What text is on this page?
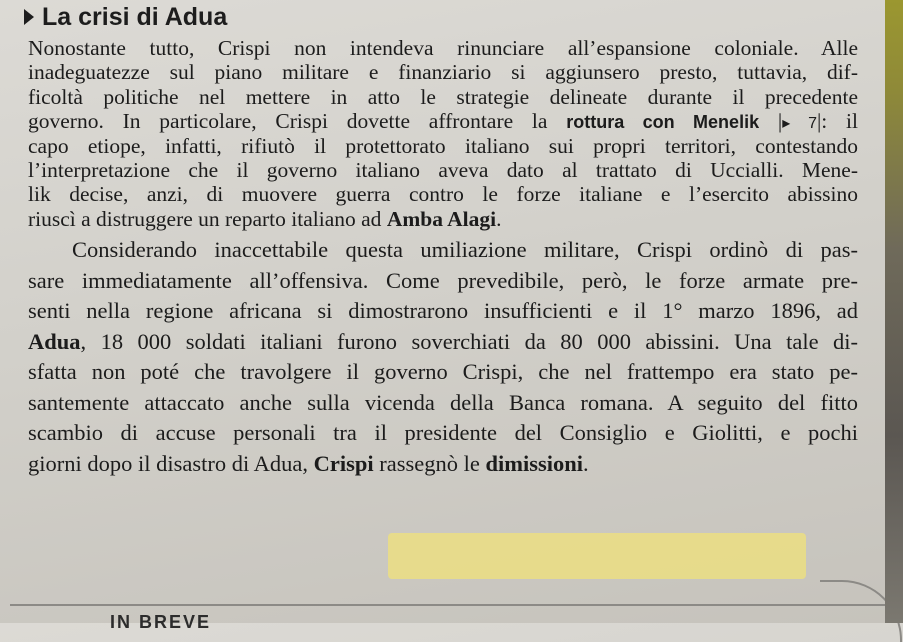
La crisi di Adua
Nonostante tutto, Crispi non intendeva rinunciare all’espansione coloniale. Alle
inadeguatezze sul piano militare e finanziario si aggiunsero presto, tuttavia, dif-
ficoltà politiche nel mettere in atto le strategie delineate durante il precedente
governo. In particolare, Crispi dovette affrontare la rottura con Menelik |▸ 7|: il
capo etiope, infatti, rifiutò il protettorato italiano sui propri territori, contestando
l’interpretazione che il governo italiano aveva dato al trattato di Uccialli. Mene-
lik decise, anzi, di muovere guerra contro le forze italiane e l’esercito abissino
riuscì a distruggere un reparto italiano ad Amba Alagi.
Considerando inaccettabile questa umiliazione militare, Crispi ordinò di pas-
sare immediatamente all’offensiva. Come prevedibile, però, le forze armate pre-
senti nella regione africana si dimostrarono insufficienti e il 1° marzo 1896, ad
Adua, 18 000 soldati italiani furono soverchiati da 80 000 abissini. Una tale di-
sfatta non poté che travolgere il governo Crispi, che nel frattempo era stato pe-
santemente attaccato anche sulla vicenda della Banca romana. A seguito del fitto
scambio di accuse personali tra il presidente del Consiglio e Giolitti, e pochi
giorni dopo il disastro di Adua, Crispi rassegnò le dimissioni.
IN BREVE
